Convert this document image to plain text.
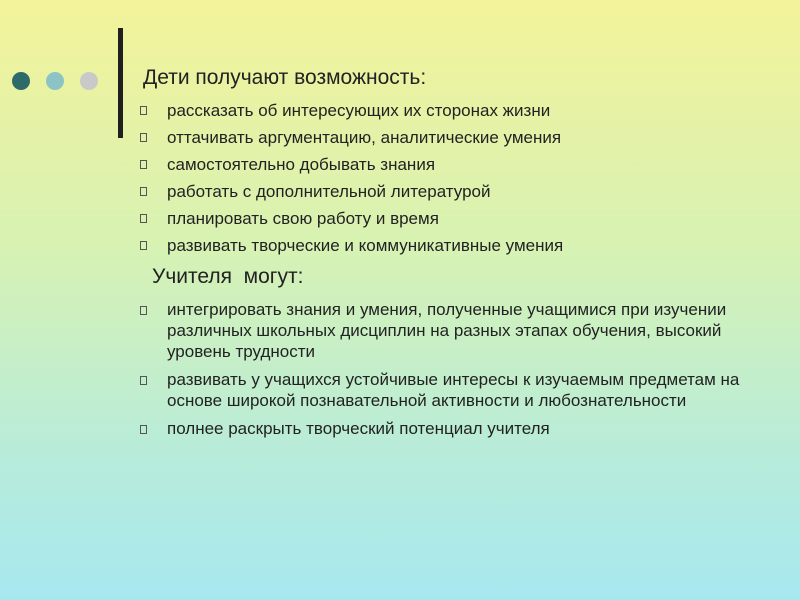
Дети получают возможность:

рассказать об интересующих их сторонах жизни
оттачивать аргументацию, аналитические умения
самостоятельно добывать знания
работать с дополнительной литературой
планировать свою работу и время
развивать творческие и коммуникативные умения

Учителя  могут:

интегрировать знания и умения, полученные учащимися при изучении различных школьных дисциплин на разных этапах обучения, высокий уровень трудности
развивать у учащихся устойчивые интересы к изучаемым предметам на основе широкой познавательной активности и любознательности
полнее раскрыть творческий потенциал учителя
